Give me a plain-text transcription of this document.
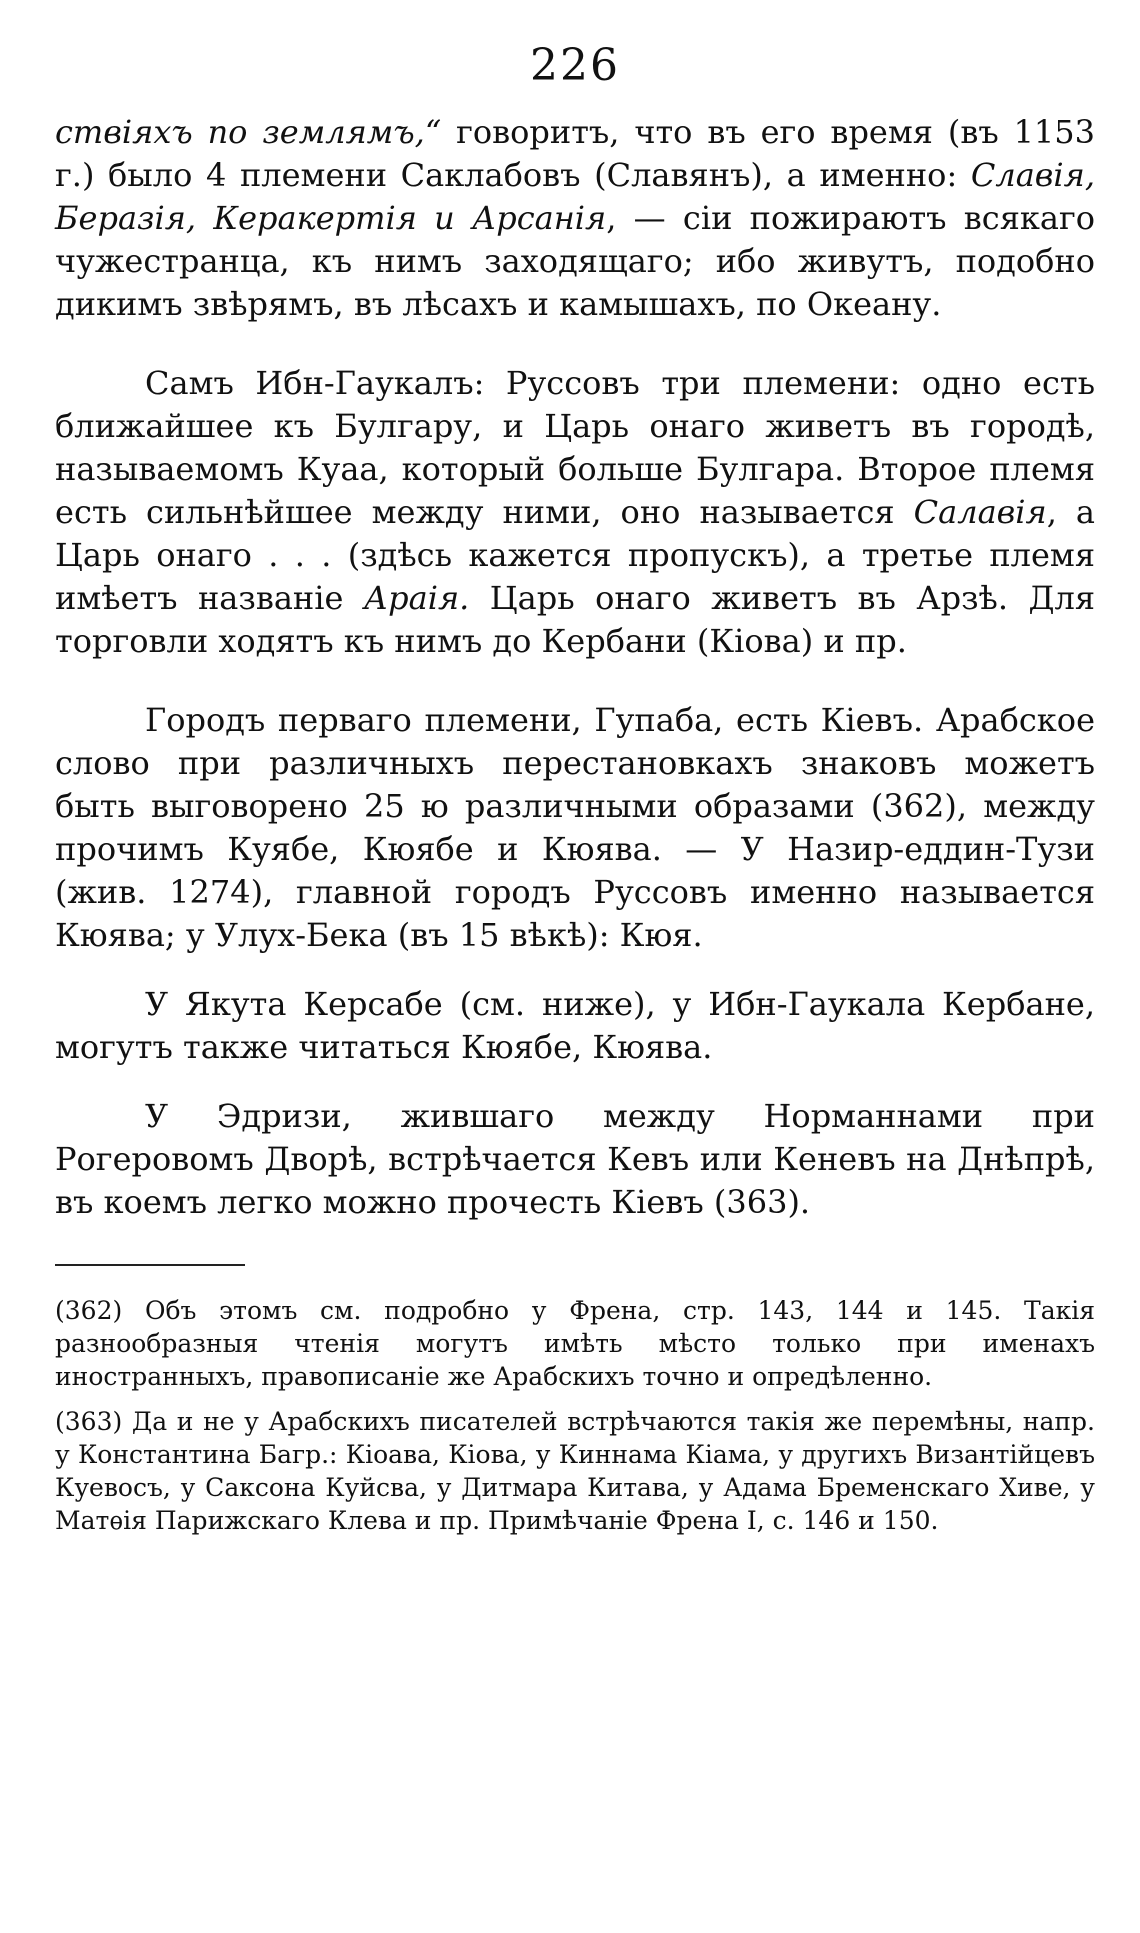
226

ствіяхъ по землямъ,“ говоритъ, что въ его время (въ 1153 г.) было 4 племени Саклабовъ (Славянъ), а именно: Славія, Берaзія, Керакертія и Арсанія, — сіи пожираютъ всякаго чужестранца, къ нимъ заходящаго; ибо живутъ, подобно дикимъ звѣрямъ, въ лѣсахъ и камышахъ, по Океану.

Самъ Ибн-Гаукалъ: Руссовъ три племени: одно есть ближайшее къ Булгару, и Царь онаго живетъ въ городѣ, называемомъ Куаа, который больше Булгара. Второе племя есть сильнѣйшее между ними, оно называется Салавія, а Царь онаго . . . (здѣсь кажется пропускъ), а третье племя имѣетъ названіе Араія. Царь онаго живетъ въ Арзѣ. Для торговли ходятъ къ нимъ до Кербани (Кіова) и пр.

Городъ перваго племени, Гупаба, есть Кіевъ. Арабское слово при различныхъ перестановкахъ знаковъ можетъ быть выговорено 25 ю различными образами (362), между прочимъ Куябе, Кюябе и Кюява. — У Назир-еддин-Тузи (жив. 1274), главной городъ Руссовъ именно называется Кюява; у Улух-Бека (въ 15 вѣкѣ): Кюя.

У Якута Керсабе (см. ниже), у Ибн-Гаукала Кербане, могутъ также читаться Кюябе, Кюява.

У Эдризи, жившаго между Норманнами при Рогеровомъ Дворѣ, встрѣчается Кевъ или Кеневъ на Днѣпрѣ, въ коемъ легко можно прочесть Кіевъ (363).

(362) Объ этомъ см. подробно у Френа, стр. 143, 144 и 145. Такія разнообразныя чтенія могутъ имѣть мѣсто только при именахъ иностранныхъ, правописаніе же Арабскихъ точно и опредѣленно.

(363) Да и не у Арабскихъ писателей встрѣчаются такія же перемѣны, напр. у Константина Багр.: Кіоава, Кіова, у Киннама Кіама, у другихъ Византійцевъ Куевосъ, у Саксона Куйсва, у Дитмара Китава, у Адама Бременскаго Хиве, у Матѳія Парижскаго Клева и пр. Примѣчаніе Френа I, с. 146 и 150.
